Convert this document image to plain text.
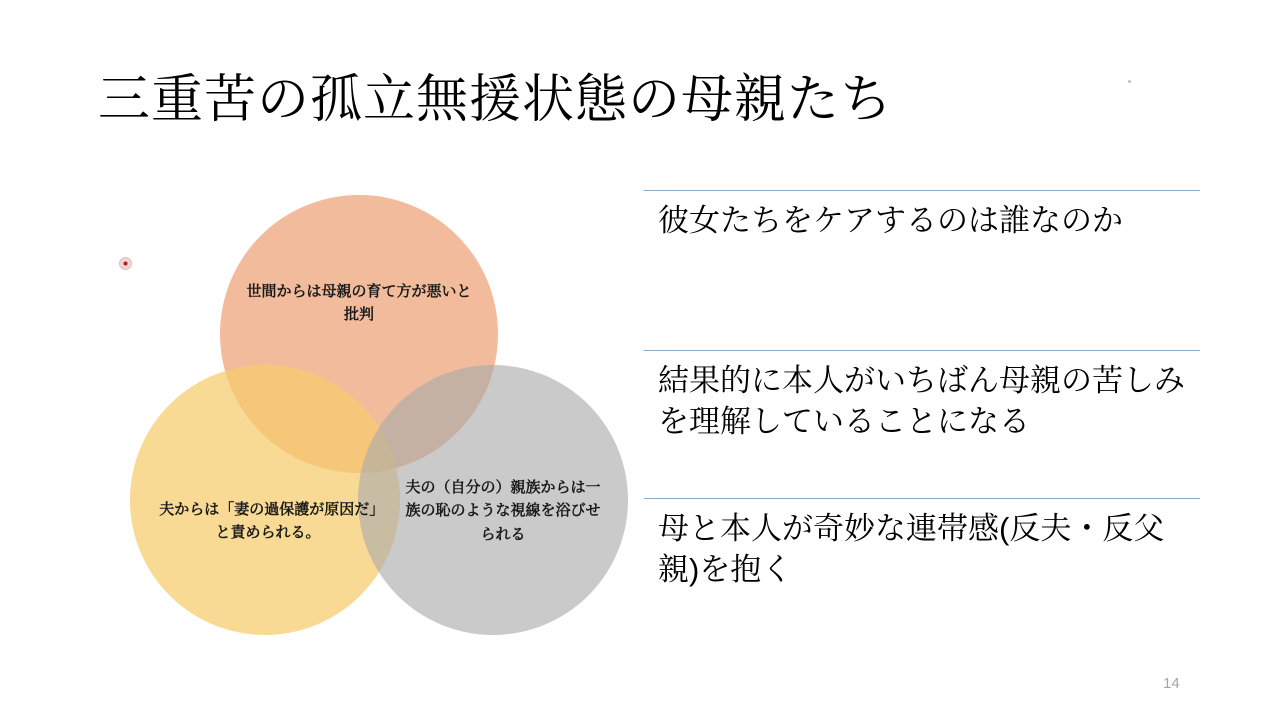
三重苦の孤立無援状態の母親たち
世間からは母親の育て方が悪いと批判
夫からは「妻の過保護が原因だ」と責められる。
夫の（自分の）親族からは一族の恥のような視線を浴びせられる
彼女たちをケアするのは誰なのか
結果的に本人がいちばん母親の苦しみを理解していることになる
母と本人が奇妙な連帯感(反夫・反父親)を抱く
14
